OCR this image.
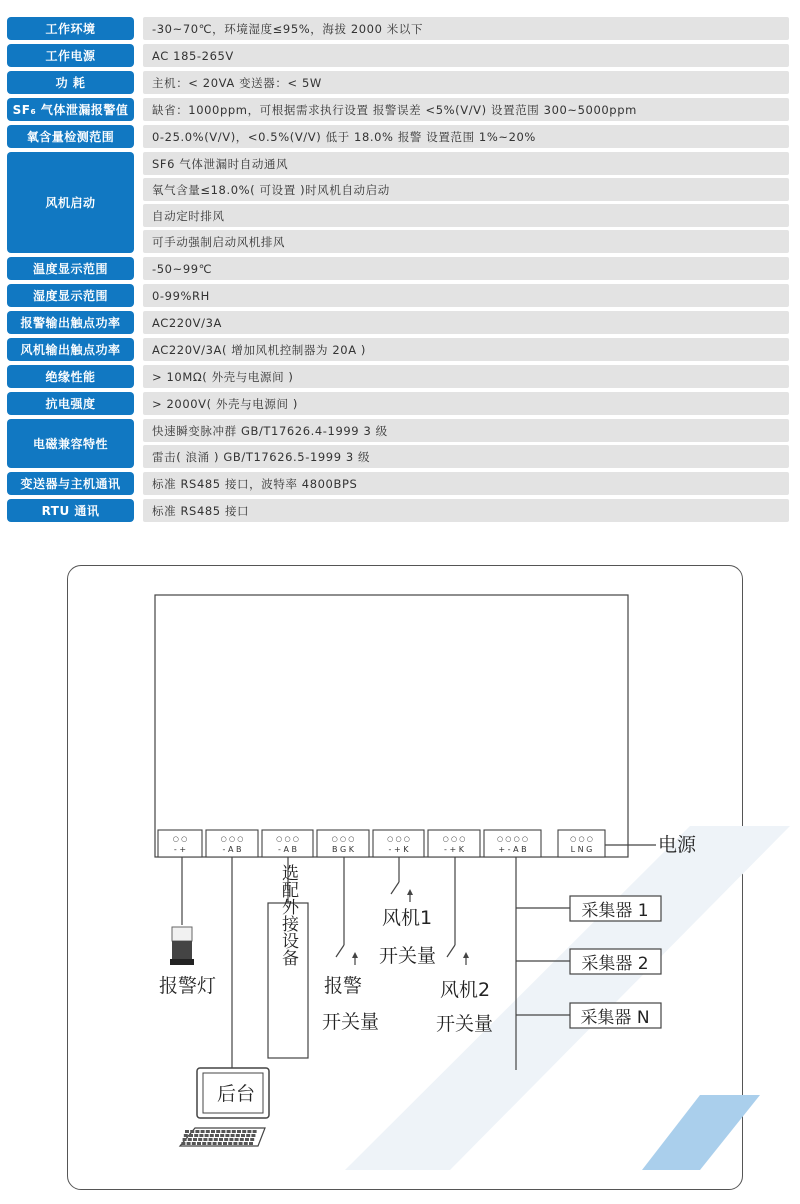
工作环境	-30~70℃，环境湿度≤95%，海拔 2000 米以下
工作电源	AC 185-265V
功 耗	主机：< 20VA 变送器：< 5W
SF₆ 气体泄漏报警值	缺省：1000ppm，可根据需求执行设置 报警误差 <5%(V/V) 设置范围 300~5000ppm
氧含量检测范围	0-25.0%(V/V)，<0.5%(V/V) 低于 18.0% 报警 设置范围 1%~20%
风机启动
SF6 气体泄漏时自动通风
氧气含量≤18.0%( 可设置 )时风机自动启动
自动定时排风
可手动强制启动风机排风
温度显示范围	-50~99℃
湿度显示范围	0-99%RH
报警输出触点功率	AC220V/3A
风机输出触点功率	AC220V/3A( 增加风机控制器为 20A )
绝缘性能	> 10MΩ( 外壳与电源间 )
抗电强度	> 2000V( 外壳与电源间 )
电磁兼容特性
快速瞬变脉冲群 GB/T17626.4-1999 3 级
雷击( 浪涌 ) GB/T17626.5-1999 3 级
变送器与主机通讯	标准 RS485 接口，波特率 4800BPS
RTU 通讯	标准 RS485 接口
○ ○
- +
○ ○ ○
- A B
○ ○ ○
- A B
○ ○ ○
B G K
○ ○ ○
- + K
○ ○ ○
- + K
○ ○ ○ ○
+ - A B
○ ○ ○
L N G	电源
报警灯
后台
选配外接设备
报警
开关量
风机1
开关量
风机2
开关量
采集器 1
采集器 2
采集器 N
